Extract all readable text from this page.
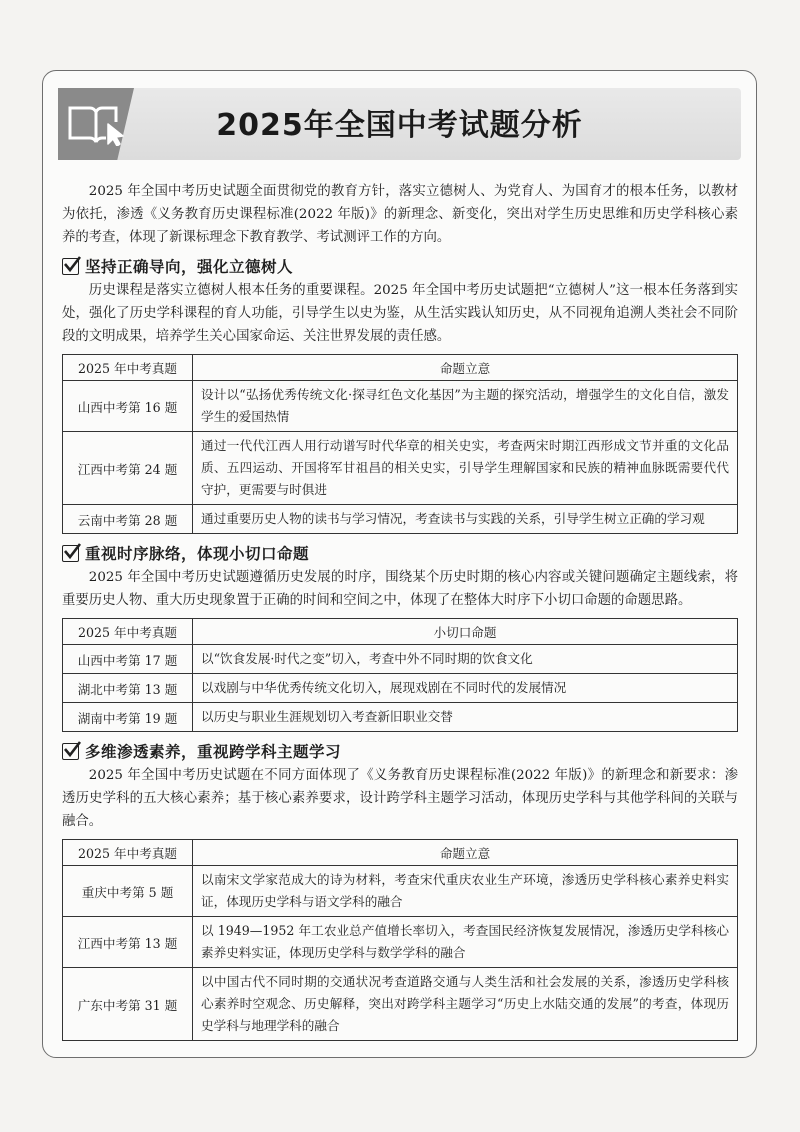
2025年全国中考试题分析

2025 年全国中考历史试题全面贯彻党的教育方针，落实立德树人、为党育人、为国育才的根本任务，以教材为依托，渗透《义务教育历史课程标准(2022 年版)》的新理念、新变化，突出对学生历史思维和历史学科核心素养的考查，体现了新课标理念下教育教学、考试测评工作的方向。

坚持正确导向，强化立德树人

历史课程是落实立德树人根本任务的重要课程。2025 年全国中考历史试题把“立德树人”这一根本任务落到实处，强化了历史学科课程的育人功能，引导学生以史为鉴，从生活实践认知历史，从不同视角追溯人类社会不同阶段的文明成果，培养学生关心国家命运、关注世界发展的责任感。

2025 年中考真题	命题立意
山西中考第 16 题	设计以“弘扬优秀传统文化·探寻红色文化基因”为主题的探究活动，增强学生的文化自信，激发学生的爱国热情
江西中考第 24 题	通过一代代江西人用行动谱写时代华章的相关史实，考查两宋时期江西形成文节并重的文化品质、五四运动、开国将军甘祖昌的相关史实，引导学生理解国家和民族的精神血脉既需要代代守护，更需要与时俱进
云南中考第 28 题	通过重要历史人物的读书与学习情况，考查读书与实践的关系，引导学生树立正确的学习观
重视时序脉络，体现小切口命题

2025 年全国中考历史试题遵循历史发展的时序，围绕某个历史时期的核心内容或关键问题确定主题线索，将重要历史人物、重大历史现象置于正确的时间和空间之中，体现了在整体大时序下小切口命题的命题思路。

2025 年中考真题	小切口命题
山西中考第 17 题	以“饮食发展·时代之变”切入，考查中外不同时期的饮食文化
湖北中考第 13 题	以戏剧与中华优秀传统文化切入，展现戏剧在不同时代的发展情况
湖南中考第 19 题	以历史与职业生涯规划切入考查新旧职业交替
多维渗透素养，重视跨学科主题学习

2025 年全国中考历史试题在不同方面体现了《义务教育历史课程标准(2022 年版)》的新理念和新要求：渗透历史学科的五大核心素养；基于核心素养要求，设计跨学科主题学习活动，体现历史学科与其他学科间的关联与融合。

2025 年中考真题	命题立意
重庆中考第 5 题	以南宋文学家范成大的诗为材料，考查宋代重庆农业生产环境，渗透历史学科核心素养史料实证，体现历史学科与语文学科的融合
江西中考第 13 题	以 1949—1952 年工农业总产值增长率切入，考查国民经济恢复发展情况，渗透历史学科核心素养史料实证，体现历史学科与数学学科的融合
广东中考第 31 题	以中国古代不同时期的交通状况考查道路交通与人类生活和社会发展的关系，渗透历史学科核心素养时空观念、历史解释，突出对跨学科主题学习“历史上水陆交通的发展”的考查，体现历史学科与地理学科的融合
